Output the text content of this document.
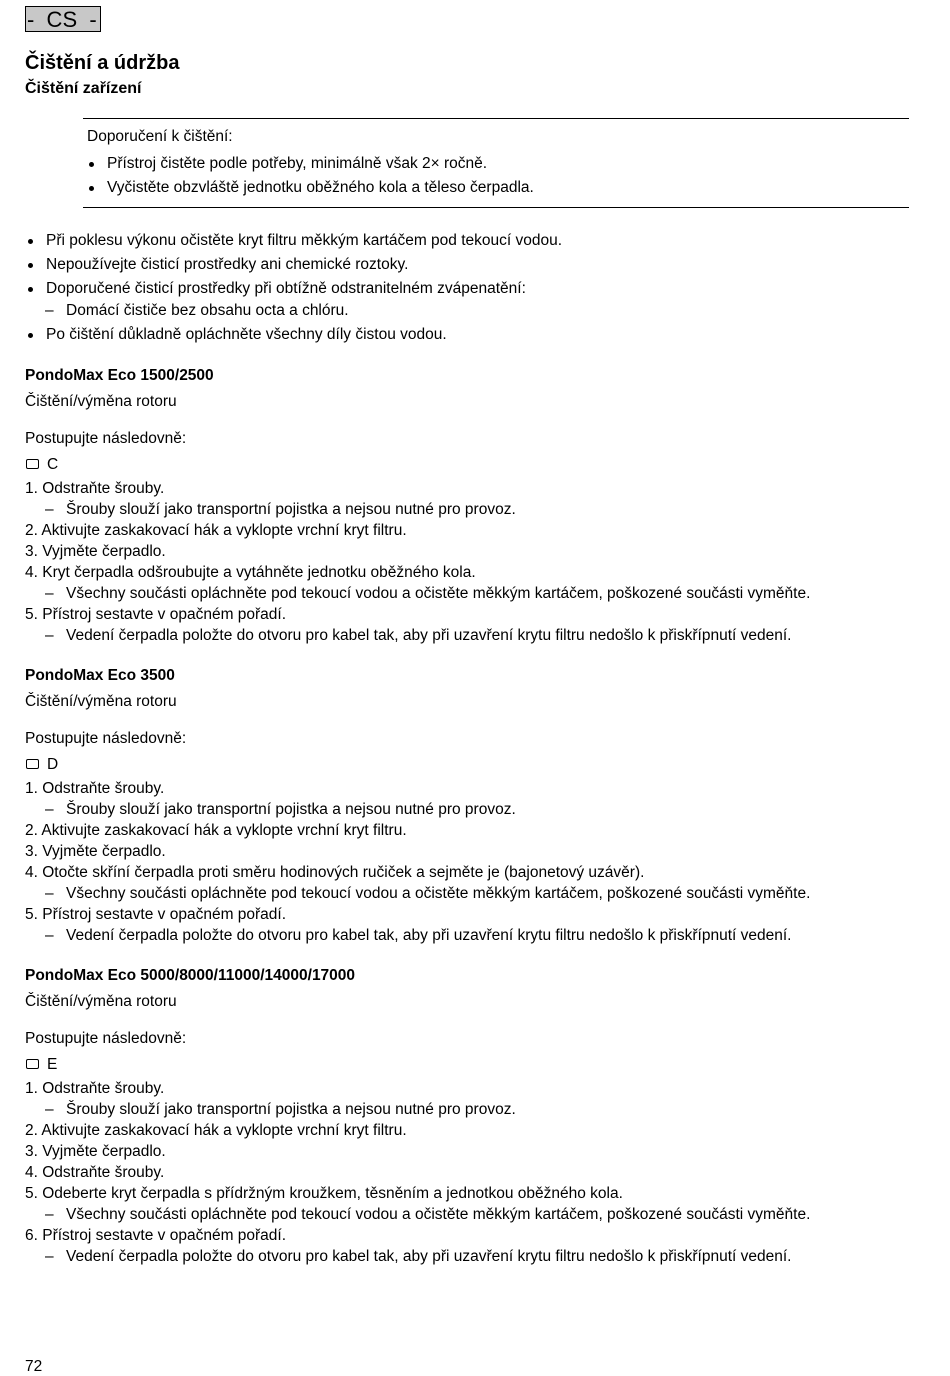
-  CS  -
Čištění a údržba
Čištění zařízení
Doporučení k čištění:
Přístroj čistěte podle potřeby, minimálně však 2× ročně.
Vyčistěte obzvláště jednotku oběžného kola a těleso čerpadla.
Při poklesu výkonu očistěte kryt filtru měkkým kartáčem pod tekoucí vodou.
Nepoužívejte čisticí prostředky ani chemické roztoky.
Doporučené čisticí prostředky při obtížně odstranitelném zvápenatění:
– Domácí čističe bez obsahu octa a chlóru.
Po čištění důkladně opláchněte všechny díly čistou vodou.
PondoMax Eco 1500/2500
Čištění/výměna rotoru
Postupujte následovně:
C
1. Odstraňte šrouby.
– Šrouby slouží jako transportní pojistka a nejsou nutné pro provoz.
2. Aktivujte zaskakovací hák a vyklopte vrchní kryt filtru.
3. Vyjměte čerpadlo.
4. Kryt čerpadla odšroubujte a vytáhněte jednotku oběžného kola.
– Všechny součásti opláchněte pod tekoucí vodou a očistěte měkkým kartáčem, poškozené součásti vyměňte.
5. Přístroj sestavte v opačném pořadí.
– Vedení čerpadla položte do otvoru pro kabel tak, aby při uzavření krytu filtru nedošlo k přiskřípnutí vedení.
PondoMax Eco 3500
Čištění/výměna rotoru
Postupujte následovně:
D
1. Odstraňte šrouby.
– Šrouby slouží jako transportní pojistka a nejsou nutné pro provoz.
2. Aktivujte zaskakovací hák a vyklopte vrchní kryt filtru.
3. Vyjměte čerpadlo.
4. Otočte skříní čerpadla proti směru hodinových ručiček a sejměte je (bajonetový uzávěr).
– Všechny součásti opláchněte pod tekoucí vodou a očistěte měkkým kartáčem, poškozené součásti vyměňte.
5. Přístroj sestavte v opačném pořadí.
– Vedení čerpadla položte do otvoru pro kabel tak, aby při uzavření krytu filtru nedošlo k přiskřípnutí vedení.
PondoMax Eco 5000/8000/11000/14000/17000
Čištění/výměna rotoru
Postupujte následovně:
E
1. Odstraňte šrouby.
– Šrouby slouží jako transportní pojistka a nejsou nutné pro provoz.
2. Aktivujte zaskakovací hák a vyklopte vrchní kryt filtru.
3. Vyjměte čerpadlo.
4. Odstraňte šrouby.
5. Odeberte kryt čerpadla s přídržným kroužkem, těsněním a jednotkou oběžného kola.
– Všechny součásti opláchněte pod tekoucí vodou a očistěte měkkým kartáčem, poškozené součásti vyměňte.
6. Přístroj sestavte v opačném pořadí.
– Vedení čerpadla položte do otvoru pro kabel tak, aby při uzavření krytu filtru nedošlo k přiskřípnutí vedení.
72
